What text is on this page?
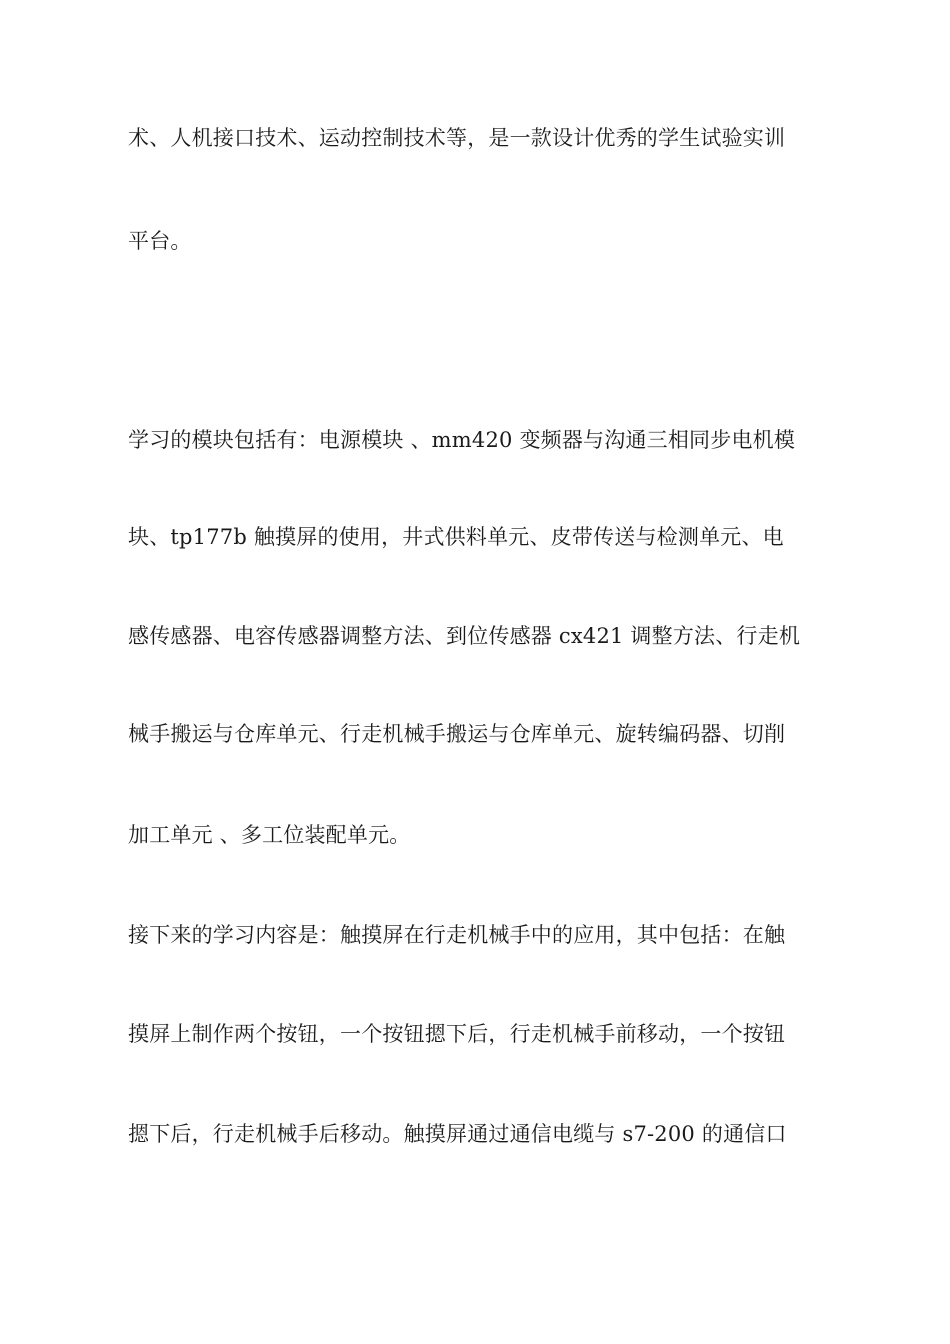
术、人机接口技术、运动控制技术等，是一款设计优秀的学生试验实训
平台。
学习的模块包括有：电源模块 、mm420 变频器与沟通三相同步电机模
块、tp177b 触摸屏的使用，井式供料单元、皮带传送与检测单元、电
感传感器、电容传感器调整方法、到位传感器 cx421 调整方法、行走机
械手搬运与仓库单元、行走机械手搬运与仓库单元、旋转编码器、切削
加工单元 、多工位装配单元。
接下来的学习内容是：触摸屏在行走机械手中的应用，其中包括：在触
摸屏上制作两个按钮，一个按钮摁下后，行走机械手前移动，一个按钮
摁下后，行走机械手后移动。触摸屏通过通信电缆与 s7-200 的通信口
